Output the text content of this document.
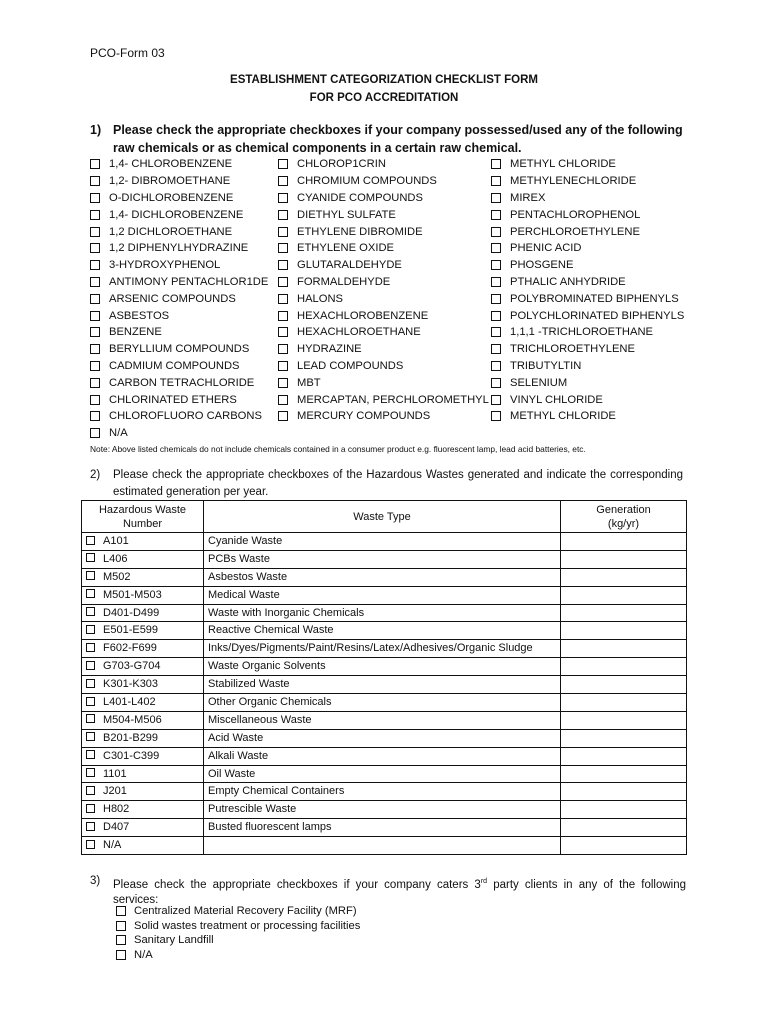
PCO-Form 03
ESTABLISHMENT CATEGORIZATION CHECKLIST FORM
FOR PCO ACCREDITATION
1) Please check the appropriate checkboxes if your company possessed/used any of the following raw chemicals or as chemical components in a certain raw chemical.
1,4- CHLOROBENZENE
1,2- DIBROMOETHANE
O-DICHLOROBENZENE
1,4- DICHLOROBENZENE
1,2 DICHLOROETHANE
1,2 DIPHENYLHYDRAZINE
3-HYDROXYPHENOL
ANTIMONY PENTACHLOR1DE
ARSENIC COMPOUNDS
ASBESTOS
BENZENE
BERYLLIUM COMPOUNDS
CADMIUM COMPOUNDS
CARBON TETRACHLORIDE
CHLORINATED ETHERS
CHLOROFLUORO CARBONS
N/A
CHLOROP1CRIN
CHROMIUM COMPOUNDS
CYANIDE COMPOUNDS
DIETHYL SULFATE
ETHYLENE DIBROMIDE
ETHYLENE OXIDE
GLUTARALDEHYDE
FORMALDEHYDE
HALONS
HEXACHLOROBENZENE
HEXACHLOROETHANE
HYDRAZINE
LEAD COMPOUNDS
MBT
MERCAPTAN, PERCHLOROMETHYL
MERCURY COMPOUNDS
METHYL CHLORIDE
METHYLENECHLORIDE
MIREX
PENTACHLOROPHENOL
PERCHLOROETHYLENE
PHENIC ACID
PHOSGENE
PTHALIC ANHYDRIDE
POLYBROMINATED BIPHENYLS
POLYCHLORINATED BIPHENYLS
1,1,1 -TRICHLOROETHANE
TRICHLOROETHYLENE
TRIBUTYLTIN
SELENIUM
VINYL CHLORIDE
METHYL CHLORIDE
Note: Above listed chemicals do not include chemicals contained in a consumer product e.g. fluorescent lamp, lead acid batteries, etc.
2) Please check the appropriate checkboxes of the Hazardous Wastes generated and indicate the corresponding estimated generation per year.
Hazardous Waste
Number	Waste Type	Generation
(kg/yr)
A101	Cyanide Waste	
L406	PCBs Waste	
M502	Asbestos Waste	
M501-M503	Medical Waste	
D401-D499	Waste with Inorganic Chemicals	
E501-E599	Reactive Chemical Waste	
F602-F699	Inks/Dyes/Pigments/Paint/Resins/Latex/Adhesives/Organic Sludge	
G703-G704	Waste Organic Solvents	
K301-K303	Stabilized Waste	
L401-L402	Other Organic Chemicals	
M504-M506	Miscellaneous Waste	
B201-B299	Acid Waste	
C301-C399	Alkali Waste	
1101	Oil Waste	
J201	Empty Chemical Containers	
H802	Putrescible Waste	
D407	Busted fluorescent lamps	
N/A		
3) Please check the appropriate checkboxes if your company caters 3rd party clients in any of the following services:
Centralized Material Recovery Facility (MRF)
Solid wastes treatment or processing facilities
Sanitary Landfill
N/A
